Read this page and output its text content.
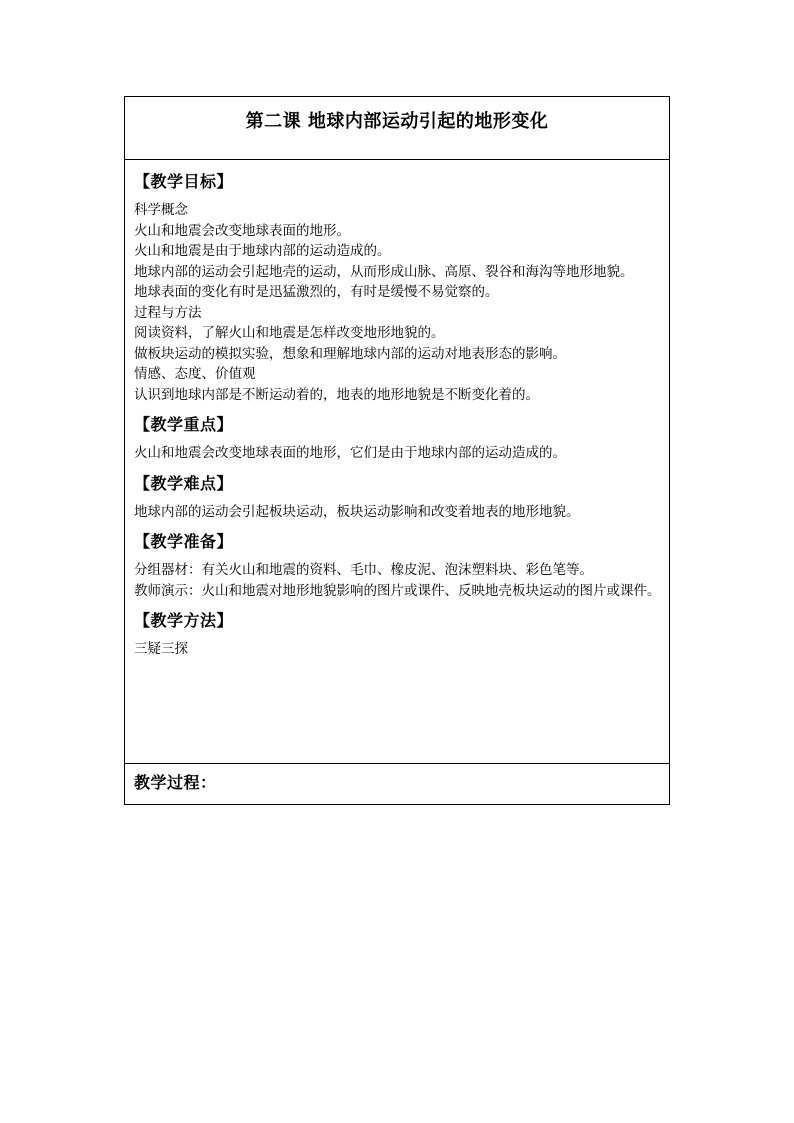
第二课 地球内部运动引起的地形变化

【教学目标】

科学概念

火山和地震会改变地球表面的地形。

火山和地震是由于地球内部的运动造成的。

地球内部的运动会引起地壳的运动，从而形成山脉、高原、裂谷和海沟等地形地貌。

地球表面的变化有时是迅猛激烈的，有时是缓慢不易觉察的。

过程与方法

阅读资料，了解火山和地震是怎样改变地形地貌的。

做板块运动的模拟实验，想象和理解地球内部的运动对地表形态的影响。

情感、态度、价值观

认识到地球内部是不断运动着的，地表的地形地貌是不断变化着的。

【教学重点】

火山和地震会改变地球表面的地形，它们是由于地球内部的运动造成的。

【教学难点】

地球内部的运动会引起板块运动，板块运动影响和改变着地表的地形地貌。

【教学准备】

分组器材：有关火山和地震的资料、毛巾、橡皮泥、泡沫塑料块、彩色笔等。

教师演示：火山和地震对地形地貌影响的图片或课件、反映地壳板块运动的图片或课件。

【教学方法】

三疑三探

教学过程：
